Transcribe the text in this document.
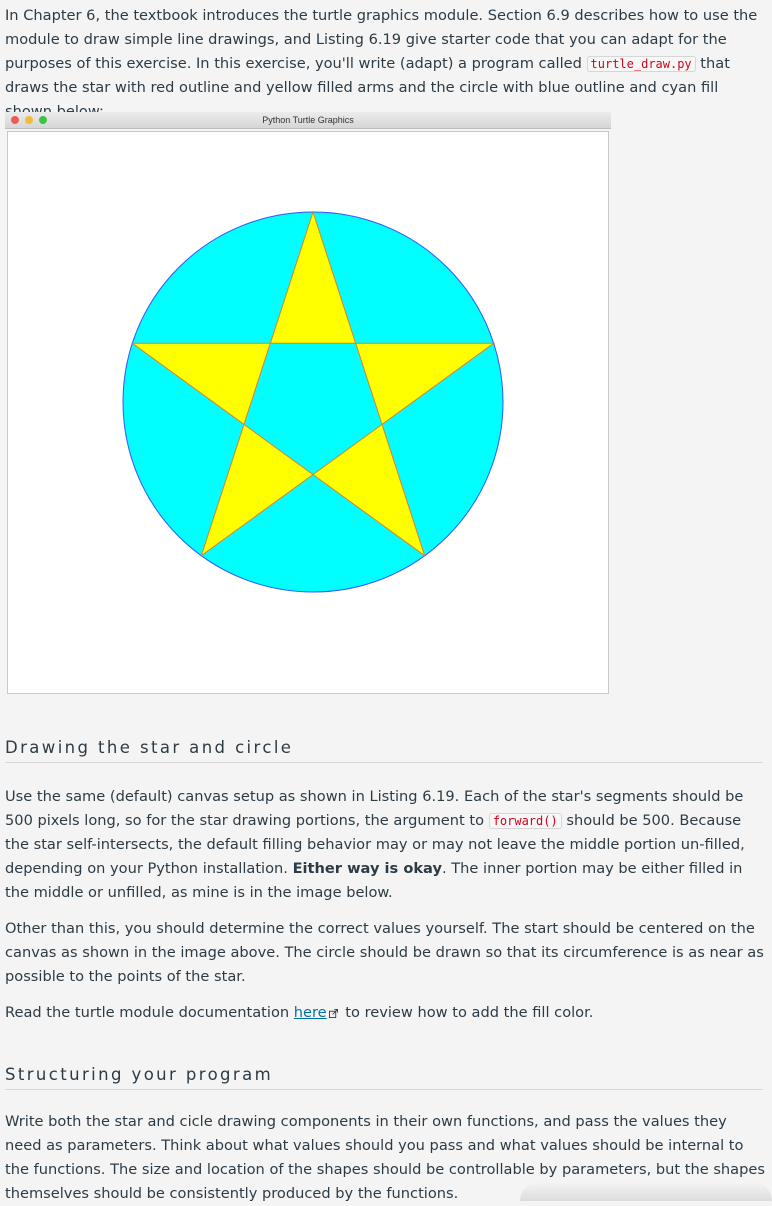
In Chapter 6, the textbook introduces the turtle graphics module. Section 6.9 describes how to use the module to draw simple line drawings, and Listing 6.19 give starter code that you can adapt for the purposes of this exercise. In this exercise, you'll write (adapt) a program called turtle_draw.py that draws the star with red outline and yellow filled arms and the circle with blue outline and cyan fill

Python Turtle Graphics
Drawing the star and circle

Use the same (default) canvas setup as shown in Listing 6.19. Each of the star's segments should be 500 pixels long, so for the star drawing portions, the argument to forward() should be 500. Because the star self-intersects, the default filling behavior may or may not leave the middle portion un-filled, depending on your Python installation. Either way is okay. The inner portion may be either filled in the middle or unfilled, as mine is in the image below.

Other than this, you should determine the correct values yourself. The start should be centered on the canvas as shown in the image above. The circle should be drawn so that its circumference is as near as possible to the points of the star.

Read the turtle module documentation here to review how to add the fill color.

Structuring your program

Write both the star and cicle drawing components in their own functions, and pass the values they need as parameters. Think about what values should you pass and what values should be internal to the functions. The size and location of the shapes should be controllable by parameters, but the shapes themselves should be consistently produced by the functions.
